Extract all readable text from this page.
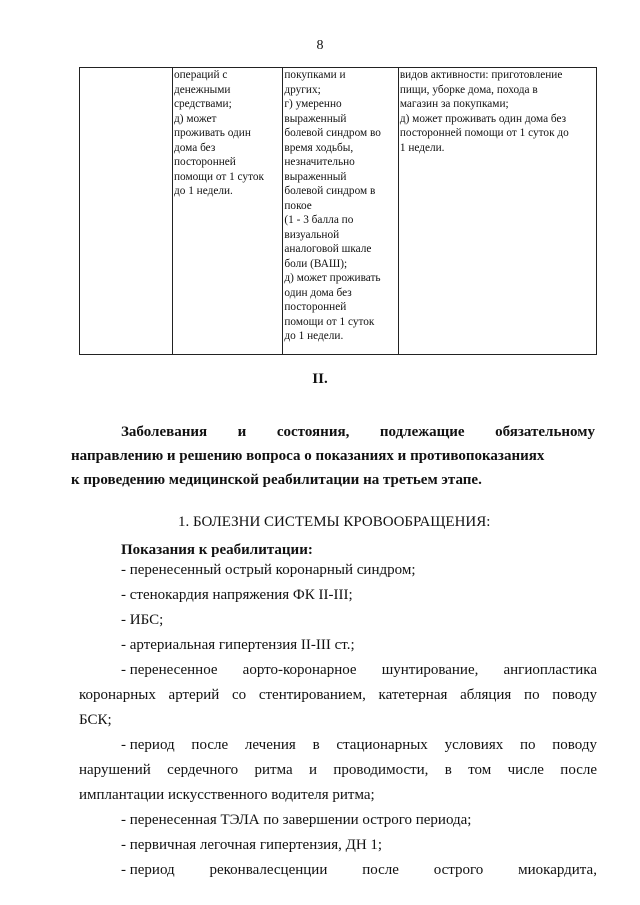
8

операций с
денежными
средствами;
д) может
проживать один
дома без
посторонней
помощи от 1 суток
до 1 недели.

покупками и
других;
г) умеренно
выраженный
болевой синдром во
время ходьбы,
незначительно
выраженный
болевой синдром в
покое
(1 - 3 балла по
визуальной
аналоговой шкале
боли (ВАШ);
д) может проживать
один дома без
посторонней
помощи от 1 суток
до 1 недели.

видов активности: приготовление
пищи, уборке дома, похода в
магазин за покупками;
д) может проживать один дома без
посторонней помощи от 1 суток до
1 недели.
II.
Заболевания и состояния, подлежащие обязательному
направлению и решению вопроса о показаниях и противопоказаниях
к проведению медицинской реабилитации на третьем этапе.
1. БОЛЕЗНИ СИСТЕМЫ КРОВООБРАЩЕНИЯ:
Показания к реабилитации:
- перенесенный острый коронарный синдром;
- стенокардия напряжения ФК II-III;
- ИБС;
- артериальная гипертензия II-III ст.;
- перенесенное аорто-коронарное шунтирование, ангиопластика
коронарных артерий со стентированием, катетерная абляция по поводу
БСК;
- период после лечения в стационарных условиях по поводу
нарушений сердечного ритма и проводимости, в том числе после
имплантации искусственного водителя ритма;
- перенесенная ТЭЛА по завершении острого периода;
- первичная легочная гипертензия, ДН 1;
- период реконвалесценции после острого миокардита,
